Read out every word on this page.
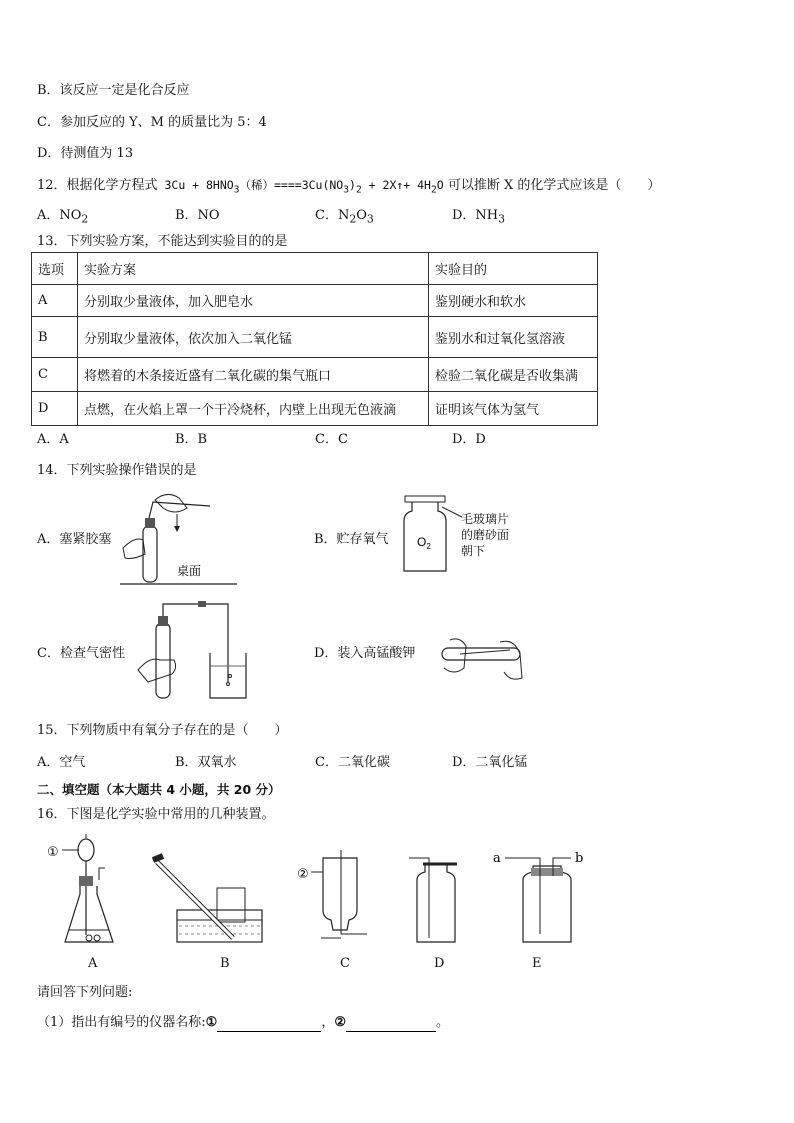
B．该反应一定是化合反应
C．参加反应的 Y、M 的质量比为 5：4
D．待测值为 13
12．根据化学方程式 $3Cu + 8HNO_3$（稀）$====3Cu(NO_3)_2$ + 2X↑+ $4H_2O$ 可以推断 X 的化学式应该是（　　）
A．$NO_2$	B．NO	C．$N_2O_3$	D．$NH_3$
13．下列实验方案，不能达到实验目的的是
选项	实验方案	实验目的
A	分别取少量液体，加入肥皂水	鉴别硬水和软水
B	分别取少量液体，依次加入二氧化锰	鉴别水和过氧化氢溶液
C	将燃着的木条接近盛有二氧化碳的集气瓶口	检验二氧化碳是否收集满
D	点燃，在火焰上罩一个干冷烧杯，内壁上出现无色液滴	证明该气体为氢气
A．A	B．B	C．C	D．D
14．下列实验操作错误的是
A．塞紧胶塞
桌面
B．贮存氧气 $O_2$
毛玻璃片
的磨砂面
朝下
C．检查气密性	D．装入高锰酸钾
15．下列物质中有氧分子存在的是（　　）
A．空气	B．双氧水	C．二氧化碳	D．二氧化锰
二、填空题（本大题共 4 小题，共 20 分）
16．下图是化学实验中常用的几种装置。
①
②
a	b
A	B	C	D	E
请回答下列问题:
（1）指出有编号的仪器名称:①	，②	。
